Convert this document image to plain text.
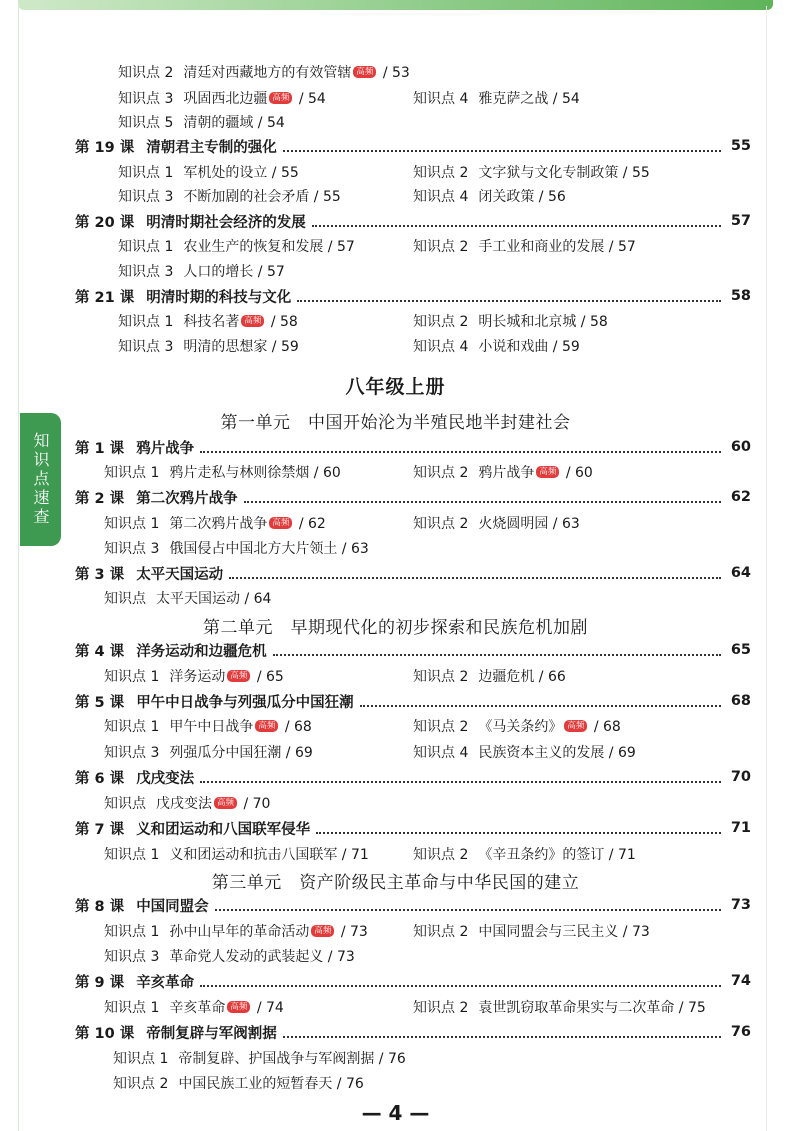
知识点速查
知识点 2 清廷对西藏地方的有效管辖 高频 / 53
知识点 3 巩固西北边疆 高频 / 54	知识点 4 雅克萨之战 / 54
知识点 5 清朝的疆域 / 54
第 19 课 清朝君主专制的强化	55
知识点 1 军机处的设立 / 55	知识点 2 文字狱与文化专制政策 / 55
知识点 3 不断加剧的社会矛盾 / 55	知识点 4 闭关政策 / 56
第 20 课 明清时期社会经济的发展	57
知识点 1 农业生产的恢复和发展 / 57	知识点 2 手工业和商业的发展 / 57
知识点 3 人口的增长 / 57
第 21 课 明清时期的科技与文化	58
知识点 1 科技名著 高频 / 58	知识点 2 明长城和北京城 / 58
知识点 3 明清的思想家 / 59	知识点 4 小说和戏曲 / 59
八年级上册
第一单元　中国开始沦为半殖民地半封建社会
第 1 课 鸦片战争	60
知识点 1 鸦片走私与林则徐禁烟 / 60	知识点 2 鸦片战争 高频 / 60
第 2 课 第二次鸦片战争	62
知识点 1 第二次鸦片战争 高频 / 62	知识点 2 火烧圆明园 / 63
知识点 3 俄国侵占中国北方大片领土 / 63
第 3 课 太平天国运动	64
知识点 太平天国运动 / 64
第二单元　早期现代化的初步探索和民族危机加剧
第 4 课 洋务运动和边疆危机	65
知识点 1 洋务运动 高频 / 65	知识点 2 边疆危机 / 66
第 5 课 甲午中日战争与列强瓜分中国狂潮	68
知识点 1 甲午中日战争 高频 / 68	知识点 2 《马关条约》 高频 / 68
知识点 3 列强瓜分中国狂潮 / 69	知识点 4 民族资本主义的发展 / 69
第 6 课 戊戌变法	70
知识点 戊戌变法 高频 / 70
第 7 课 义和团运动和八国联军侵华	71
知识点 1 义和团运动和抗击八国联军 / 71	知识点 2 《辛丑条约》的签订 / 71
第三单元　资产阶级民主革命与中华民国的建立
第 8 课 中国同盟会	73
知识点 1 孙中山早年的革命活动 高频 / 73	知识点 2 中国同盟会与三民主义 / 73
知识点 3 革命党人发动的武装起义 / 73
第 9 课 辛亥革命	74
知识点 1 辛亥革命 高频 / 74	知识点 2 袁世凯窃取革命果实与二次革命 / 75
第 10 课 帝制复辟与军阀割据	76
知识点 1 帝制复辟、护国战争与军阀割据 / 76
知识点 2 中国民族工业的短暂春天 / 76
— 4 —
